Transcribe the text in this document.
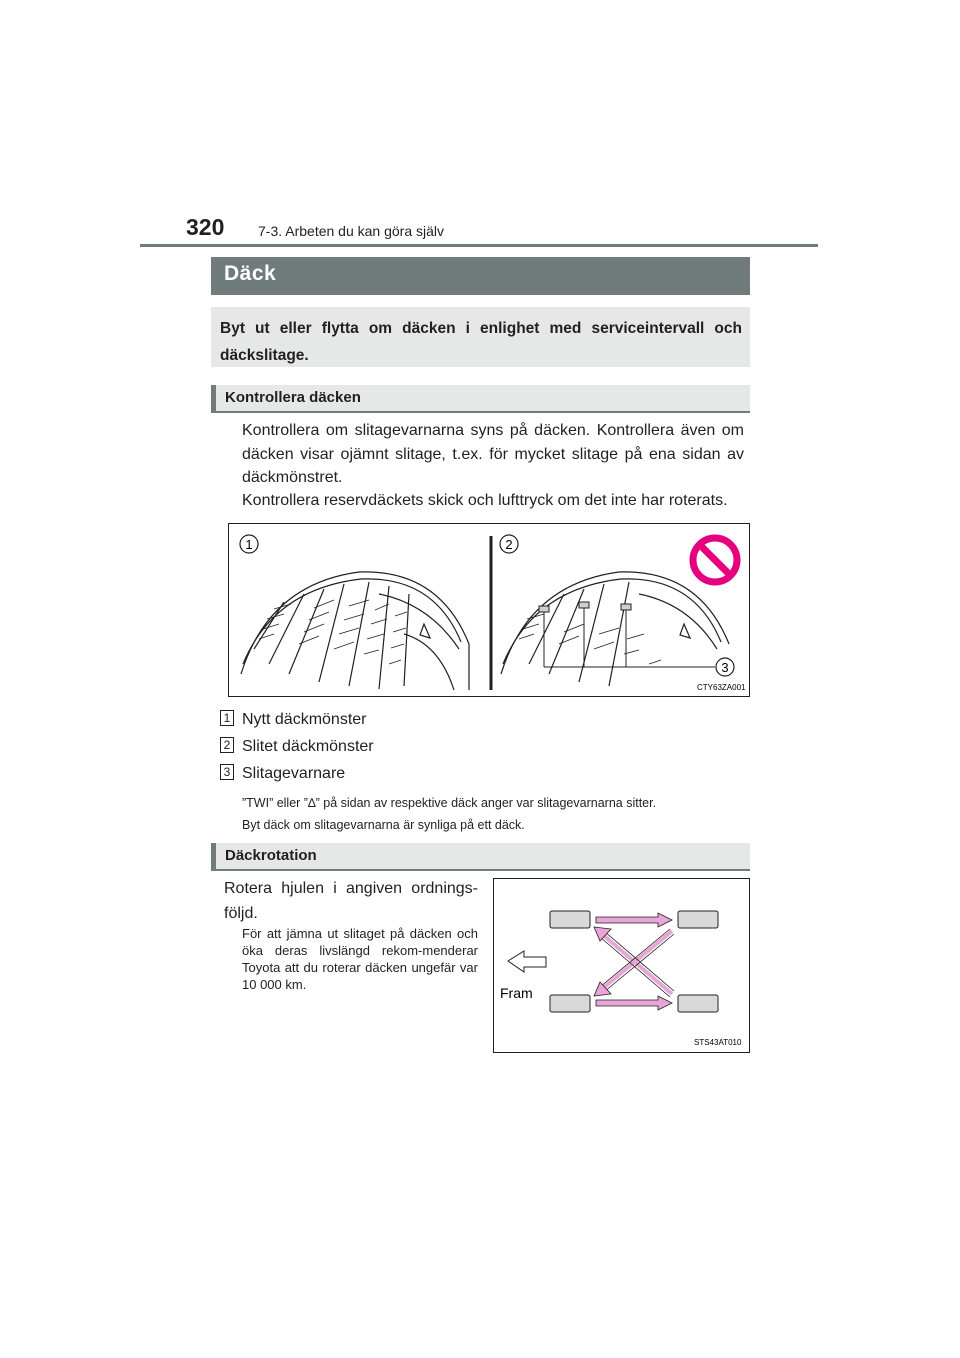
320 7-3. Arbeten du kan göra själv
Däck
Byt ut eller flytta om däcken i enlighet med serviceintervall och däckslitage.
Kontrollera däcken
Kontrollera om slitagevarnarna syns på däcken. Kontrollera även om däcken visar ojämnt slitage, t.ex. för mycket slitage på ena sidan av däckmönstret.
Kontrollera reservdäckets skick och lufttryck om det inte har roterats.
1	2
3
CTY63ZA001
1 Nytt däckmönster
2 Slitet däckmönster
3 Slitagevarnare
”TWI” eller ”∆” på sidan av respektive däck anger var slitagevarnarna sitter.
Byt däck om slitagevarnarna är synliga på ett däck.
Däckrotation
Rotera hjulen i angiven ordnings-följd.
För att jämna ut slitaget på däcken och öka deras livslängd rekom-menderar Toyota att du roterar däcken ungefär var 10 000 km.
Fram
STS43AT010
